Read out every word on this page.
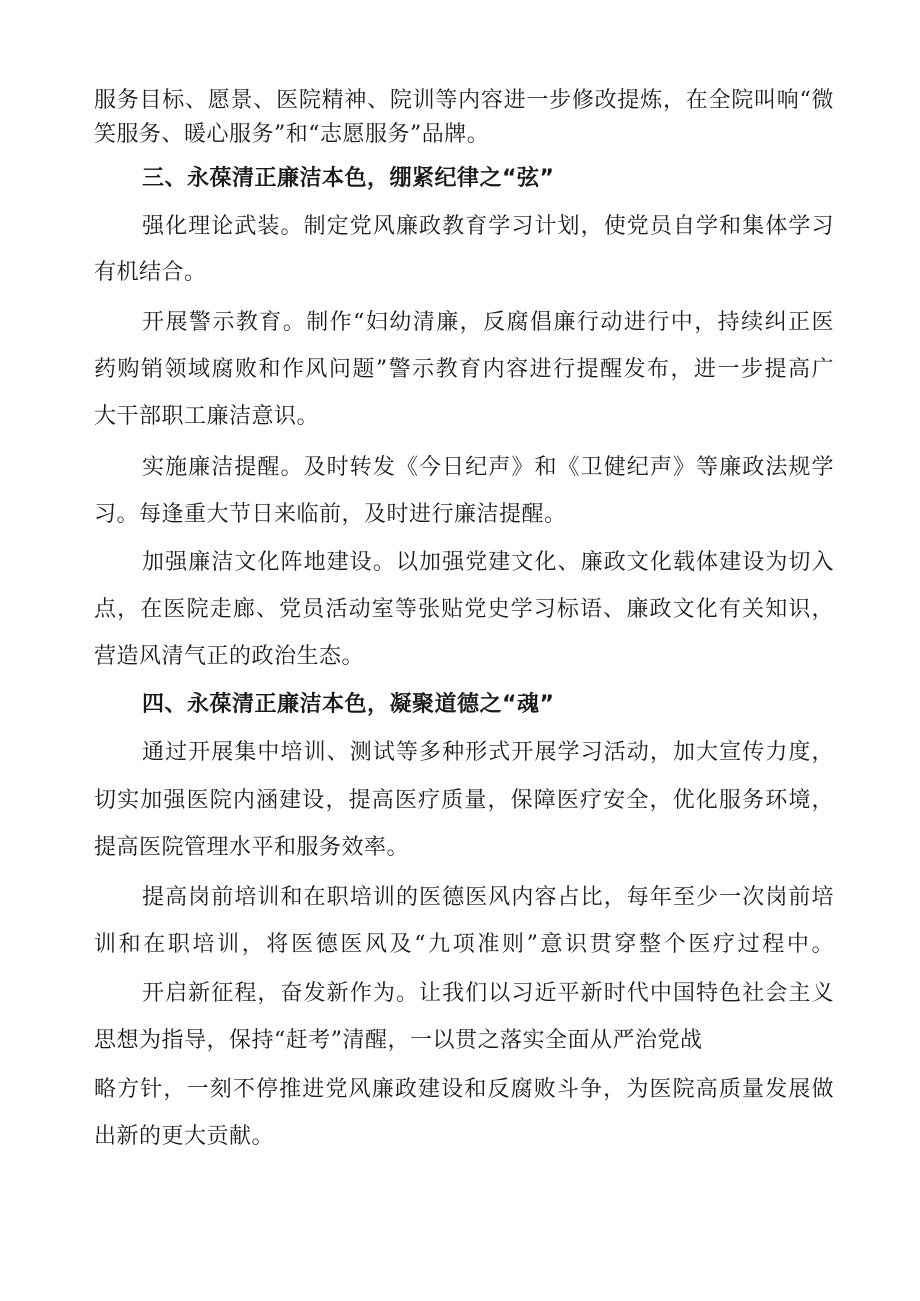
服务目标、愿景、医院精神、院训等内容进一步修改提炼，在全院叫响“微
笑服务、暖心服务”和“志愿服务”品牌。
三、永葆清正廉洁本色，绷紧纪律之“弦”
强化理论武装。制定党风廉政教育学习计划，使党员自学和集体学习
有机结合。
开展警示教育。制作“妇幼清廉，反腐倡廉行动进行中，持续纠正医
药购销领域腐败和作风问题”警示教育内容进行提醒发布，进一步提高广
大干部职工廉洁意识。
实施廉洁提醒。及时转发《今日纪声》和《卫健纪声》等廉政法规学
习。每逢重大节日来临前，及时进行廉洁提醒。
加强廉洁文化阵地建设。以加强党建文化、廉政文化载体建设为切入
点，在医院走廊、党员活动室等张贴党史学习标语、廉政文化有关知识，
营造风清气正的政治生态。
四、永葆清正廉洁本色，凝聚道德之“魂”
通过开展集中培训、测试等多种形式开展学习活动，加大宣传力度，
切实加强医院内涵建设，提高医疗质量，保障医疗安全，优化服务环境，
提高医院管理水平和服务效率。
提高岗前培训和在职培训的医德医风内容占比，每年至少一次岗前培
训和在职培训，将医德医风及“九项准则”意识贯穿整个医疗过程中。
开启新征程，奋发新作为。让我们以习近平新时代中国特色社会主义
思想为指导，保持“赶考”清醒，一以贯之落实全面从严治党战
略方针，一刻不停推进党风廉政建设和反腐败斗争，为医院高质量发展做
出新的更大贡献。
